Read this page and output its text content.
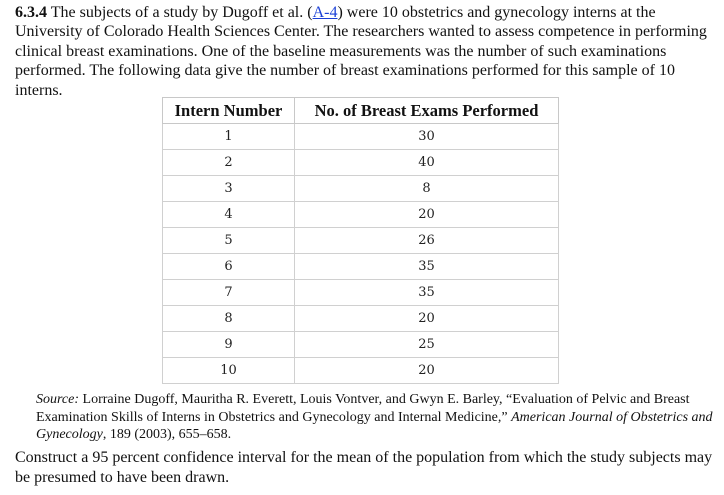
6.3.4 The subjects of a study by Dugoff et al. (A-4) were 10 obstetrics and gynecology interns at the University of Colorado Health Sciences Center. The researchers wanted to assess competence in performing clinical breast examinations. One of the baseline measurements was the number of such examinations performed. The following data give the number of breast examinations performed for this sample of 10 interns.

Intern Number	No. of Breast Exams Performed
1	30
2	40
3	8
4	20
5	26
6	35
7	35
8	20
9	25
10	20

Source: Lorraine Dugoff, Mauritha R. Everett, Louis Vontver, and Gwyn E. Barley, “Evaluation of Pelvic and Breast Examination Skills of Interns in Obstetrics and Gynecology and Internal Medicine,” American Journal of Obstetrics and Gynecology, 189 (2003), 655–658.

Construct a 95 percent confidence interval for the mean of the population from which the study subjects may be presumed to have been drawn.
